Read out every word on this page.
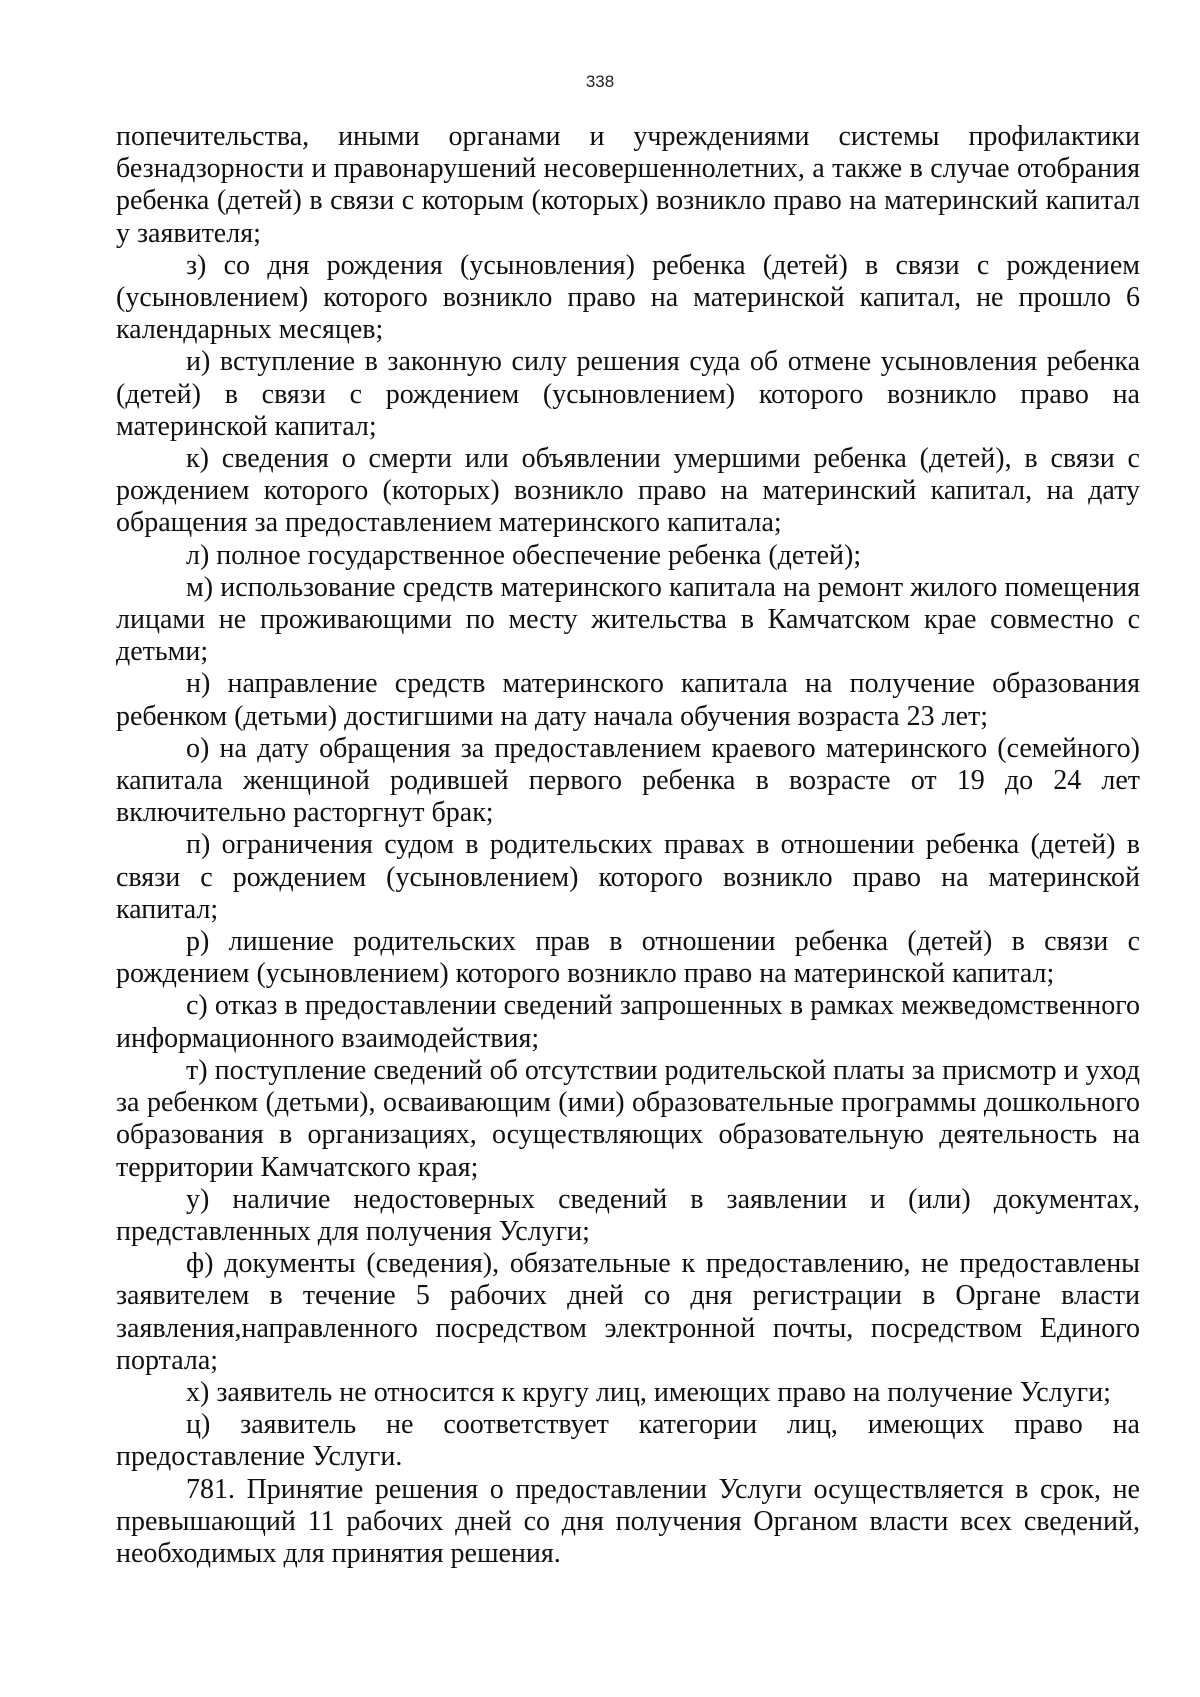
338

попечительства, иными органами и учреждениями системы профилактики безнадзорности и правонарушений несовершеннолетних, а также в случае отобрания ребенка (детей) в связи с которым (которых) возникло право на материнский капитал у заявителя;

з) со дня рождения (усыновления) ребенка (детей) в связи с рождением (усыновлением) которого возникло право на материнской капитал, не прошло 6 календарных месяцев;

и) вступление в законную силу решения суда об отмене усыновления ребенка (детей) в связи с рождением (усыновлением) которого возникло право на материнской капитал;

к) сведения о смерти или объявлении умершими ребенка (детей), в связи с рождением которого (которых) возникло право на материнский капитал, на дату обращения за предоставлением материнского капитала;

л) полное государственное обеспечение ребенка (детей);

м) использование средств материнского капитала на ремонт жилого помещения лицами не проживающими по месту жительства в Камчатском крае совместно с детьми;

н) направление средств материнского капитала на получение образования ребенком (детьми) достигшими на дату начала обучения возраста 23 лет;

о) на дату обращения за предоставлением краевого материнского (семейного) капитала женщиной родившей первого ребенка в возрасте от 19 до 24 лет включительно расторгнут брак;

п) ограничения судом в родительских правах в отношении ребенка (детей) в связи с рождением (усыновлением) которого возникло право на материнской капитал;

р) лишение родительских прав в отношении ребенка (детей) в связи с рождением (усыновлением) которого возникло право на материнской капитал;

с) отказ в предоставлении сведений запрошенных в рамках межведомственного информационного взаимодействия;

т) поступление сведений об отсутствии родительской платы за присмотр и уход за ребенком (детьми), осваивающим (ими) образовательные программы дошкольного образования в организациях, осуществляющих образовательную деятельность на территории Камчатского края;

у) наличие недостоверных сведений в заявлении и (или) документах, представленных для получения Услуги;

ф) документы (сведения), обязательные к предоставлению, не предоставлены заявителем в течение 5 рабочих дней со дня регистрации в Органе власти заявления,направленного посредством электронной почты, посредством Единого портала;

х) заявитель не относится к кругу лиц, имеющих право на получение Услуги;

ц) заявитель не соответствует категории лиц, имеющих право на предоставление Услуги.

781. Принятие решения о предоставлении Услуги осуществляется в срок, не превышающий 11 рабочих дней со дня получения Органом власти всех сведений, необходимых для принятия решения.
